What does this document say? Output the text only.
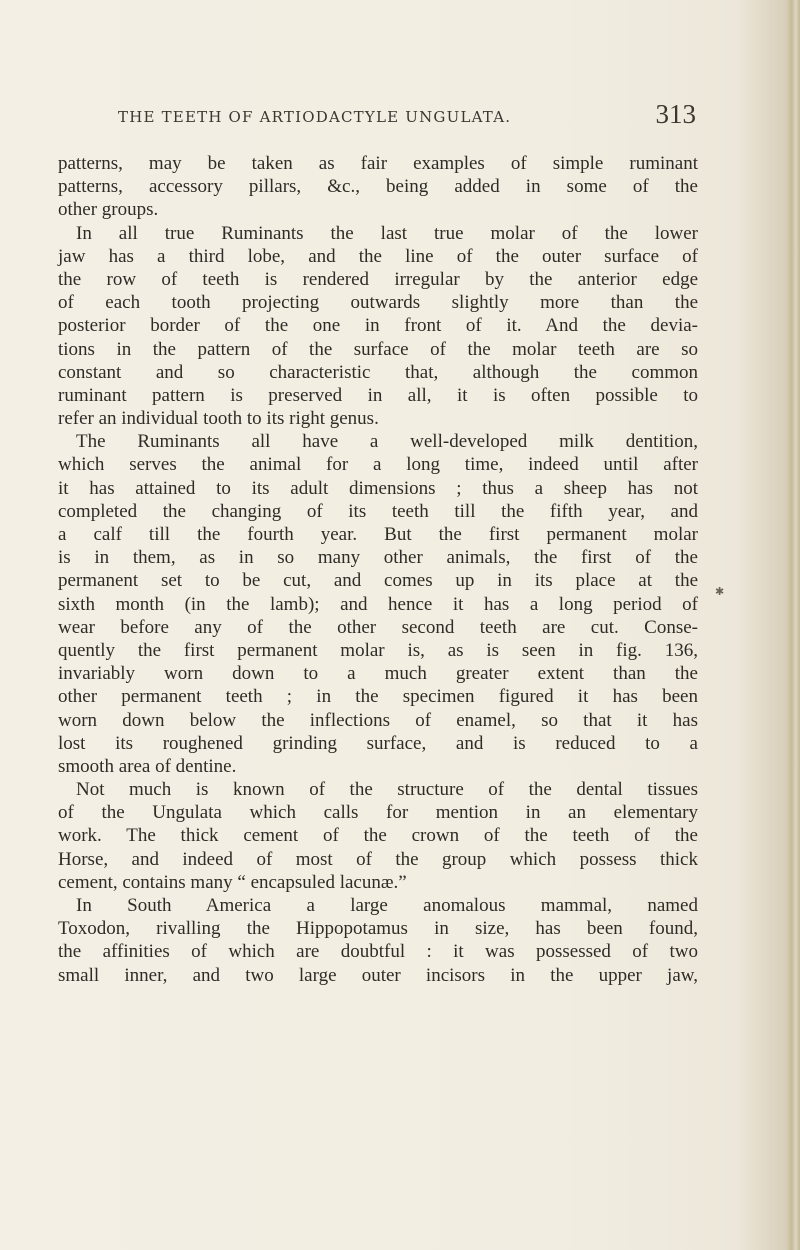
THE TEETH OF ARTIODACTYLE UNGULATA.	313
patterns, may be taken as fair examples of simple ruminant
patterns, accessory pillars, &c., being added in some of the
other groups.
In all true Ruminants the last true molar of the lower
jaw has a third lobe, and the line of the outer surface of
the row of teeth is rendered irregular by the anterior edge
of each tooth projecting outwards slightly more than the
posterior border of the one in front of it. And the devia-
tions in the pattern of the surface of the molar teeth are so
constant and so characteristic that, although the common
ruminant pattern is preserved in all, it is often possible to
refer an individual tooth to its right genus.
The Ruminants all have a well-developed milk dentition,
which serves the animal for a long time, indeed until after
it has attained to its adult dimensions ; thus a sheep has not
completed the changing of its teeth till the fifth year, and
a calf till the fourth year. But the first permanent molar
is in them, as in so many other animals, the first of the
permanent set to be cut, and comes up in its place at the
sixth month (in the lamb); and hence it has a long period of
wear before any of the other second teeth are cut. Conse-
quently the first permanent molar is, as is seen in fig. 136,
invariably worn down to a much greater extent than the
other permanent teeth ; in the specimen figured it has been
worn down below the inflections of enamel, so that it has
lost its roughened grinding surface, and is reduced to a
smooth area of dentine.
Not much is known of the structure of the dental tissues
of the Ungulata which calls for mention in an elementary
work. The thick cement of the crown of the teeth of the
Horse, and indeed of most of the group which possess thick
cement, contains many “ encapsuled lacunæ.”
In South America a large anomalous mammal, named
Toxodon, rivalling the Hippopotamus in size, has been found,
the affinities of which are doubtful : it was possessed of two
small inner, and two large outer incisors in the upper jaw,
✱
